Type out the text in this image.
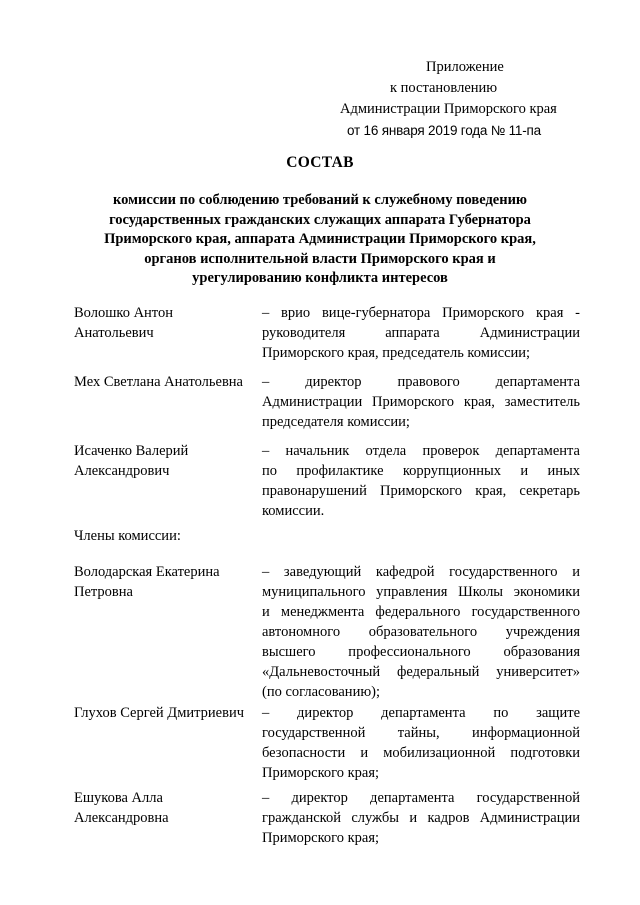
Приложение
к постановлению
Администрации Приморского края
от 16 января 2019 года № 11-па
СОСТАВ
комиссии по соблюдению требований к служебному поведению
государственных гражданских служащих аппарата Губернатора
Приморского края, аппарата Администрации Приморского края,
органов исполнительной власти Приморского края и
урегулированию конфликта интересов
Волошко Антон
Анатольевич
– врио вице-губернатора Приморского края -
руководителя аппарата Администрации
Приморского края, председатель комиссии;
Мех Светлана Анатольевна	– директор правового департамента
Администрации Приморского края, заместитель
председателя комиссии;
Исаченко Валерий
Александрович
– начальник отдела проверок департамента
по профилактике коррупционных и иных
правонарушений Приморского края, секретарь
комиссии.
Члены комиссии:
Володарская Екатерина
Петровна
– заведующий кафедрой государственного и
муниципального управления Школы экономики
и менеджмента федерального государственного
автономного образовательного учреждения
высшего профессионального образования
«Дальневосточный федеральный университет»
(по согласованию);
Глухов Сергей Дмитриевич	– директор департамента по защите
государственной тайны, информационной
безопасности и мобилизационной подготовки
Приморского края;
Ешукова Алла
Александровна
– директор департамента государственной
гражданской службы и кадров Администрации
Приморского края;
